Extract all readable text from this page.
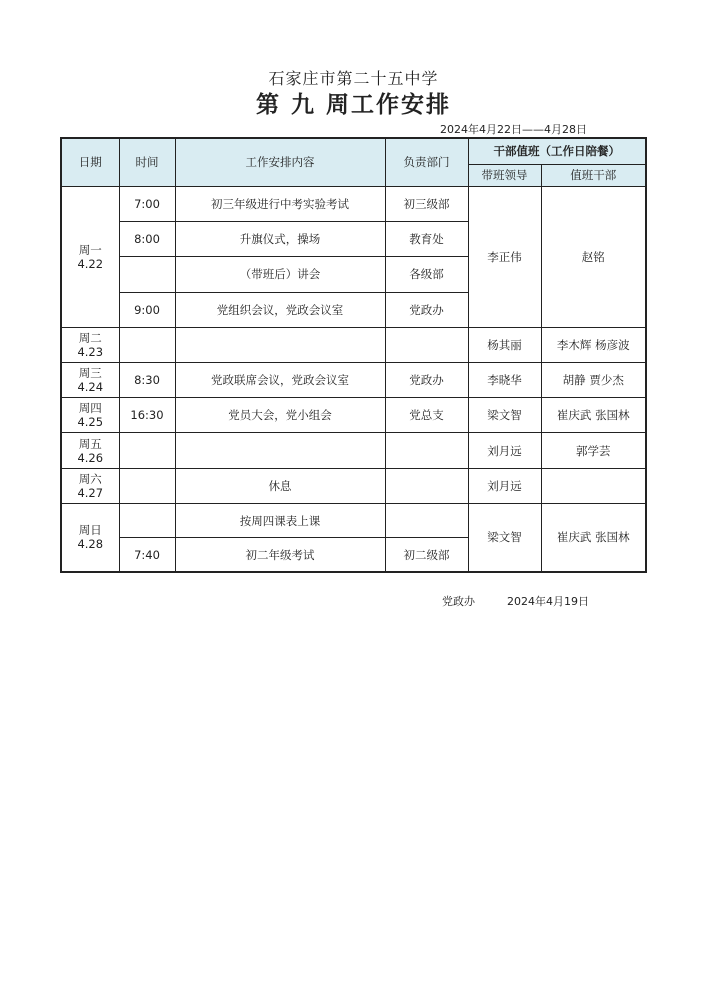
石家庄市第二十五中学
第 九 周工作安排
2024年4月22日——4月28日
日期	时间	工作安排内容	负责部门	干部值班（工作日陪餐）	
				带班领导	值班干部
周一
4.22	7:00	初三年级进行中考实验考试	初三级部	李正伟	赵铭
	8:00	升旗仪式，操场	教育处		
		（带班后）讲会	各级部		
	9:00	党组织会议，党政会议室	党政办		
周二
4.23				杨其丽	李木辉 杨彦波
周三
4.24	8:30	党政联席会议，党政会议室	党政办	李晓华	胡静 贾少杰
周四
4.25	16:30	党员大会，党小组会	党总支	梁文智	崔庆武 张国林
周五
4.26				刘月远	郭学芸
周六
4.27		休息		刘月远	
周日
4.28		按周四课表上课		梁文智	崔庆武 张国林
	7:40	初二年级考试	初二级部		
党政办	2024年4月19日
